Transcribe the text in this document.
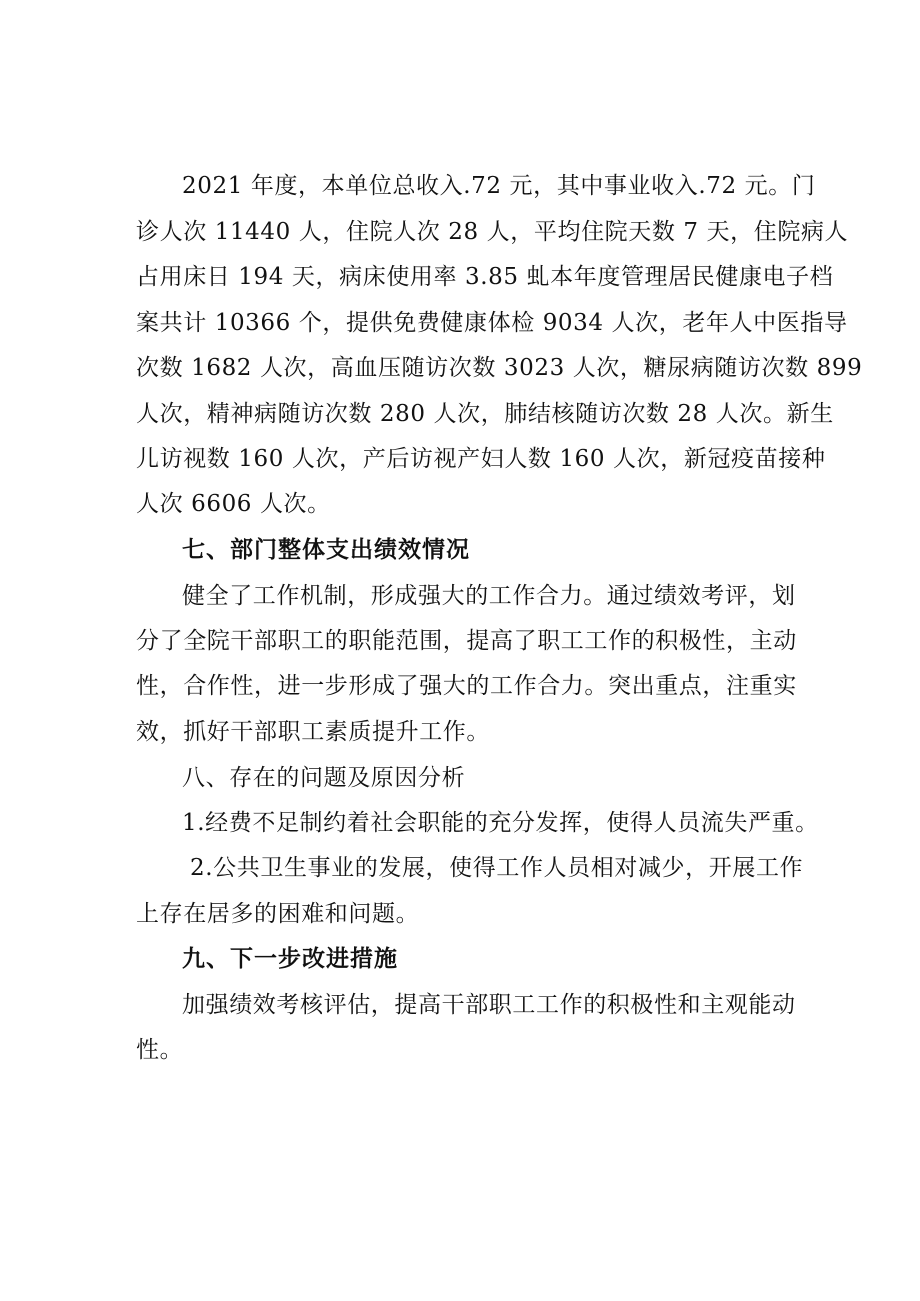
2021 年度，本单位总收入.72 元，其中事业收入.72 元。门
诊人次 11440 人，住院人次 28 人，平均住院天数 7 天，住院病人
占用床日 194 天，病床使用率 3.85 虬本年度管理居民健康电子档
案共计 10366 个，提供免费健康体检 9034 人次，老年人中医指导
次数 1682 人次，高血压随访次数 3023 人次，糖尿病随访次数 899
人次，精神病随访次数 280 人次，肺结核随访次数 28 人次。新生
儿访视数 160 人次，产后访视产妇人数 160 人次，新冠疫苗接种
人次 6606 人次。
七、部门整体支出绩效情况
健全了工作机制，形成强大的工作合力。通过绩效考评，划
分了全院干部职工的职能范围，提高了职工工作的积极性，主动
性，合作性，进一步形成了强大的工作合力。突出重点，注重实
效，抓好干部职工素质提升工作。
八、存在的问题及原因分析
1.经费不足制约着社会职能的充分发挥，使得人员流失严重。
2.公共卫生事业的发展，使得工作人员相对减少，开展工作
上存在居多的困难和问题。
九、下一步改进措施
加强绩效考核评估，提高干部职工工作的积极性和主观能动
性。
